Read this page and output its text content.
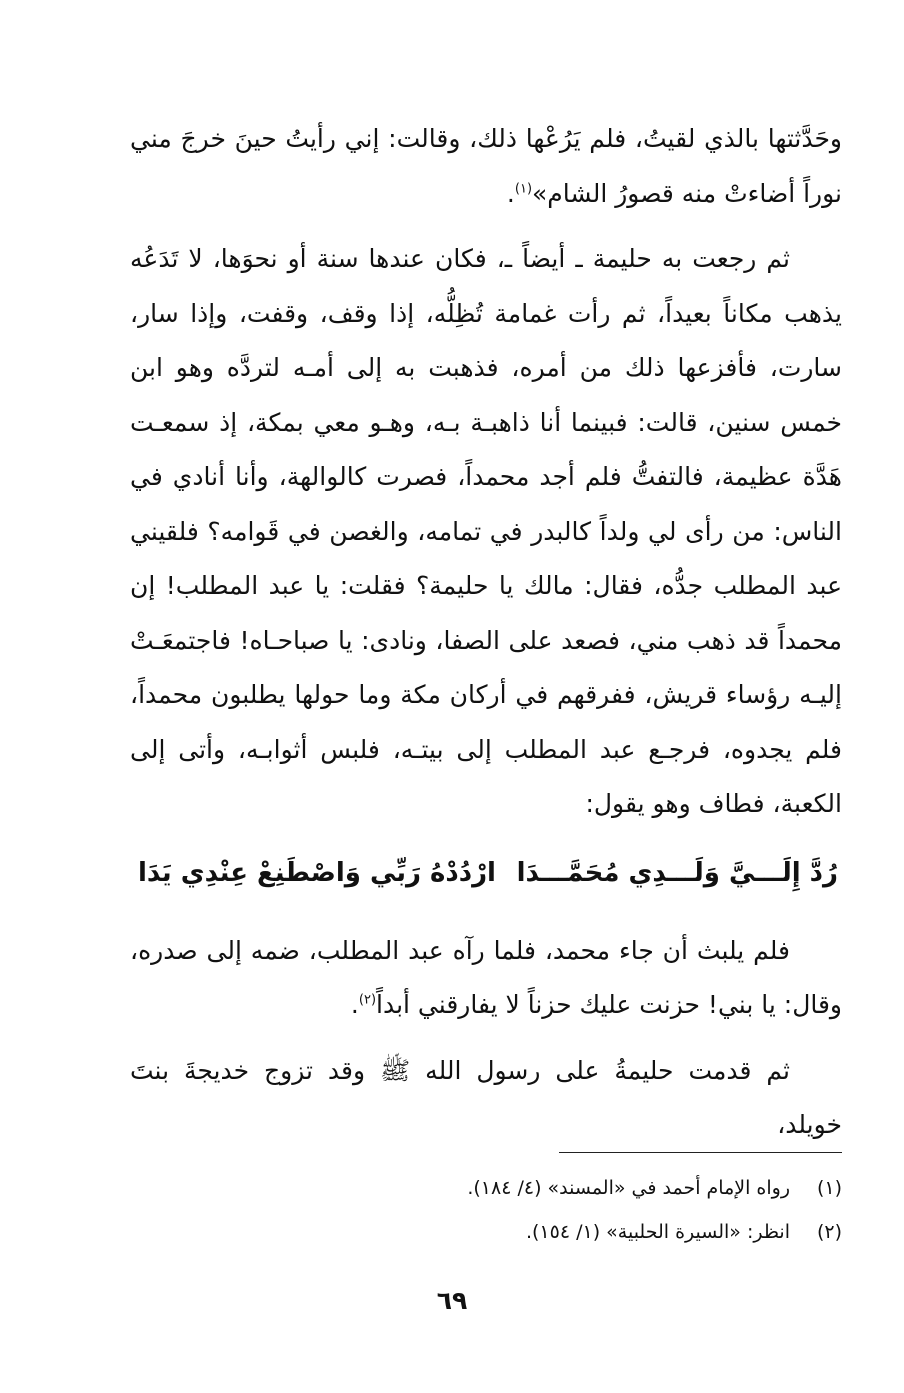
وحَدَّثتها بالذي لقيتُ، فلم يَرُعْها ذلك، وقالت: إني رأيتُ حينَ خرجَ مني نوراً أضاءتْ منه قصورُ الشام»$^{(١)}$.

ثم رجعت به حليمة ـ أيضاً ـ، فكان عندها سنة أو نحوَها، لا تَدَعُه يذهب مكاناً بعيداً، ثم رأت غمامة تُظِلُّه، إذا وقف، وقفت، وإذا سار، سارت، فأفزعها ذلك من أمره، فذهبت به إلى أمـه لتردَّه وهو ابن خمس سنين، قالت: فبينما أنا ذاهبـة بـه، وهـو معي بمكة، إذ سمعـت هَدَّة عظيمة، فالتفتُّ فلم أجد محمداً، فصرت كالوالهة، وأنا أنادي في الناس: من رأى لي ولداً كالبدر في تمامه، والغصن في قَوامه؟ فلقيني عبد المطلب جدُّه، فقال: مالك يا حليمة؟ فقلت: يا عبد المطلب! إن محمداً قد ذهب مني، فصعد على الصفا، ونادى: يا صباحـاه! فاجتمعَـتْ إليـه رؤساء قريش، ففرقهم في أركان مكة وما حولها يطلبون محمداً، فلم يجدوه، فرجـع عبد المطلب إلى بيتـه، فلبس أثوابـه، وأتى إلى الكعبة، فطاف وهو يقول:

رُدَّ إِلَـــيَّ وَلَـــدِي مُحَمَّـــدَا
ارْدُدْهُ رَبِّي وَاصْطَنِعْ عِنْدِي يَدَا

فلم يلبث أن جاء محمد، فلما رآه عبد المطلب، ضمه إلى صدره، وقال: يا بني! حزنت عليك حزناً لا يفارقني أبداً$^{(٢)}$.

ثم قدمت حليمةُ على رسول الله ﷺ وقد تزوج خديجةَ بنتَ خويلد،

(١)رواه الإمام أحمد في «المسند» (٤/ ١٨٤).
(٢)انظر: «السيرة الحلبية» (١/ ١٥٤).
٦٩
